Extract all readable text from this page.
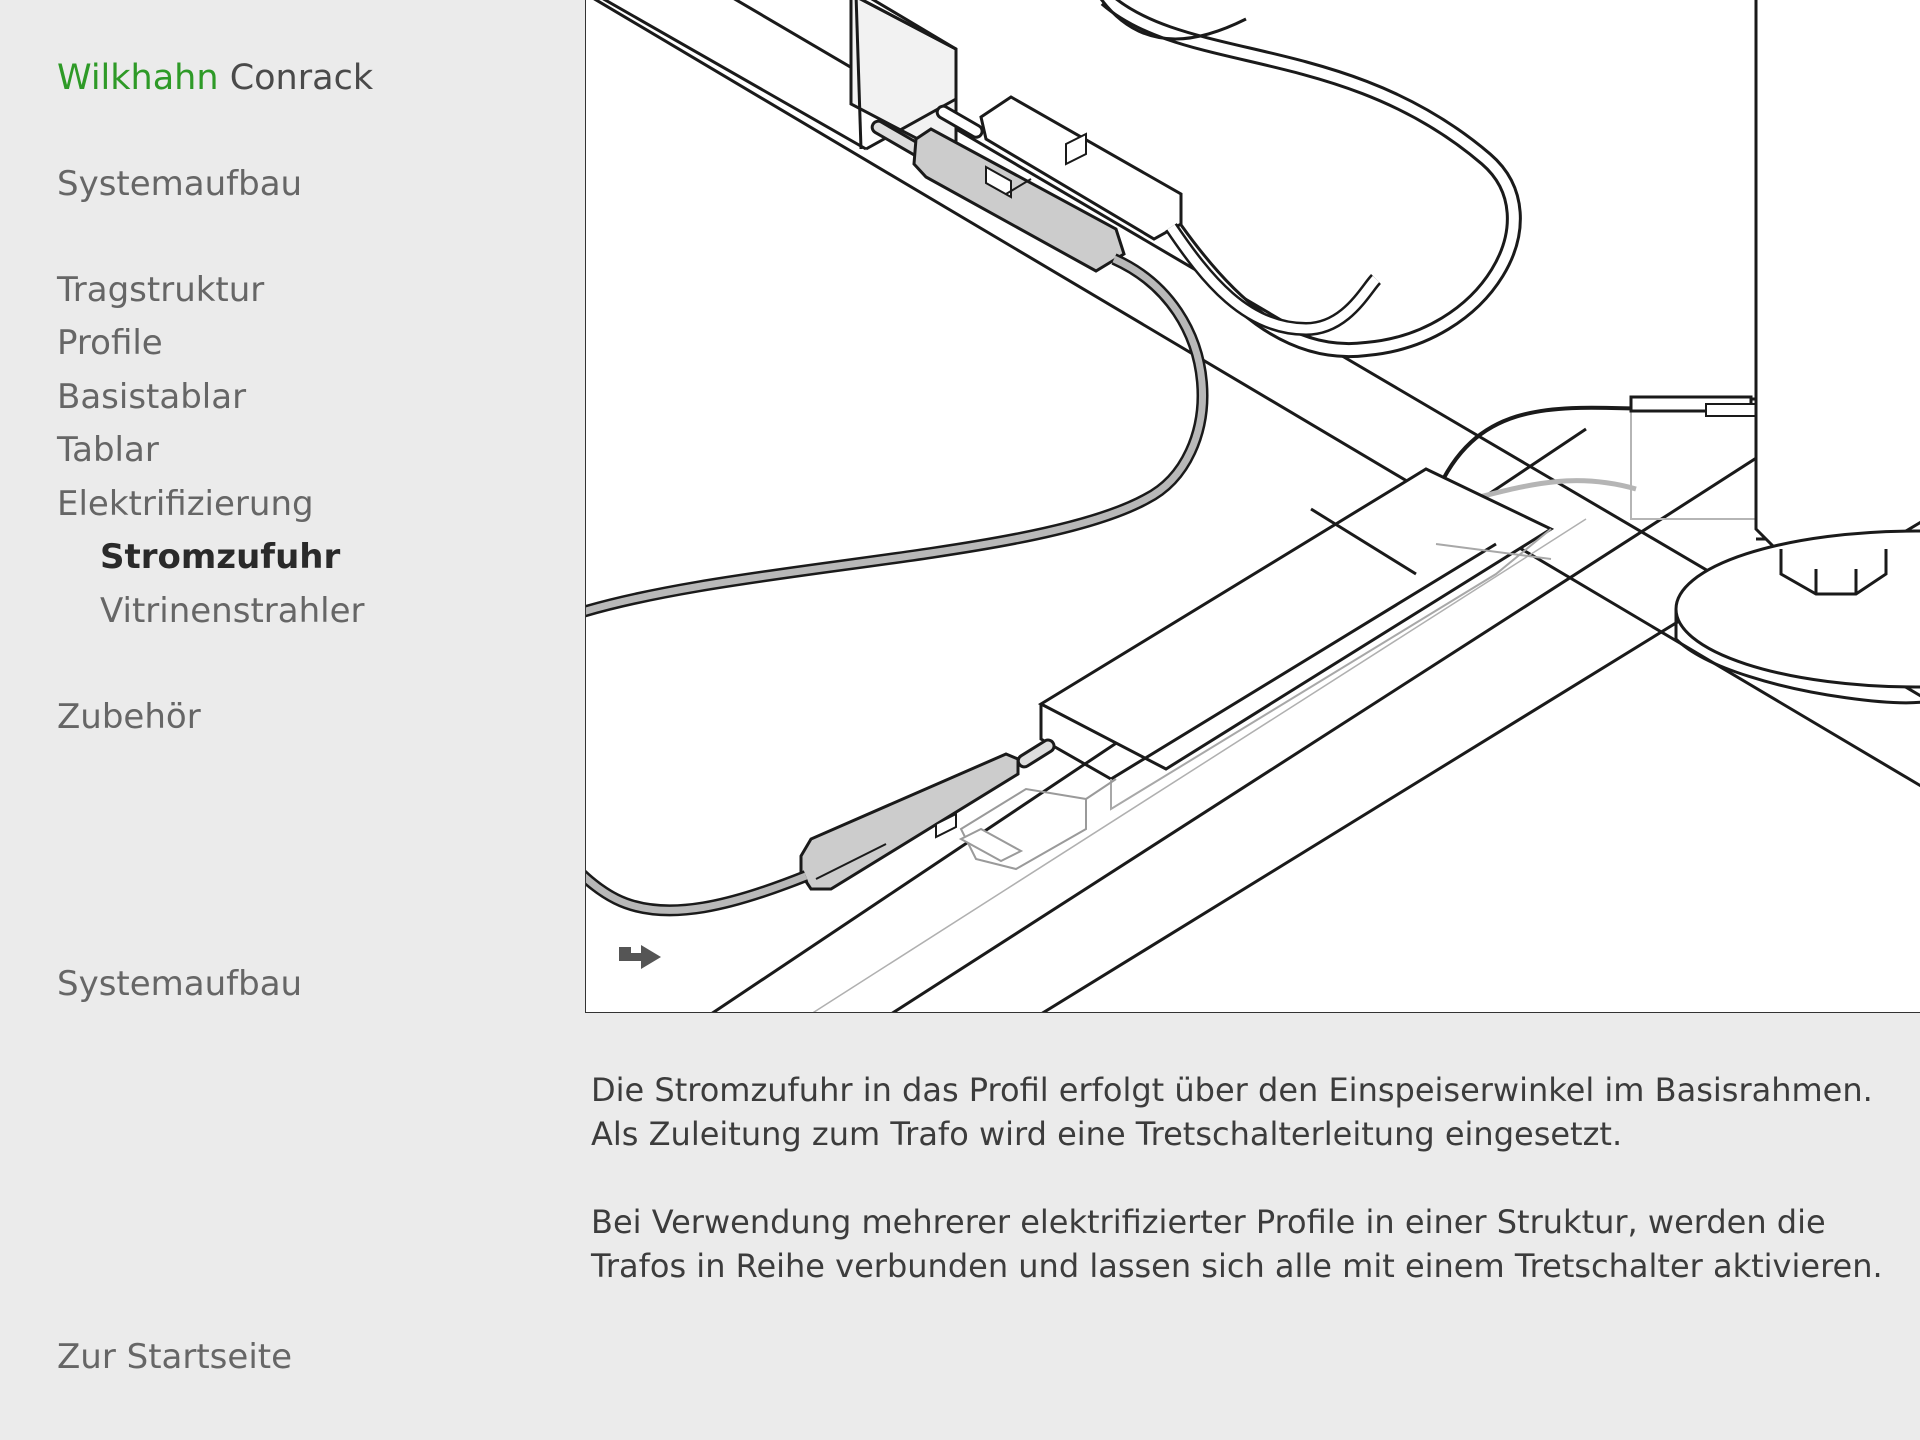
Wilkhahn Conrack
Systemaufbau
Tragstruktur
Profile
Basistablar
Tablar
Elektrifizierung
Stromzufuhr
Vitrinenstrahler
Zubehör
Systemaufbau
Zur Startseite

Die Stromzufuhr in das Profil erfolgt über den Einspeiserwinkel im Basisrahmen.
Als Zuleitung zum Trafo wird eine Tretschalterleitung eingesetzt.

Bei Verwendung mehrerer elektrifizierter Profile in einer Struktur, werden die
Trafos in Reihe verbunden und lassen sich alle mit einem Tretschalter aktivieren.
